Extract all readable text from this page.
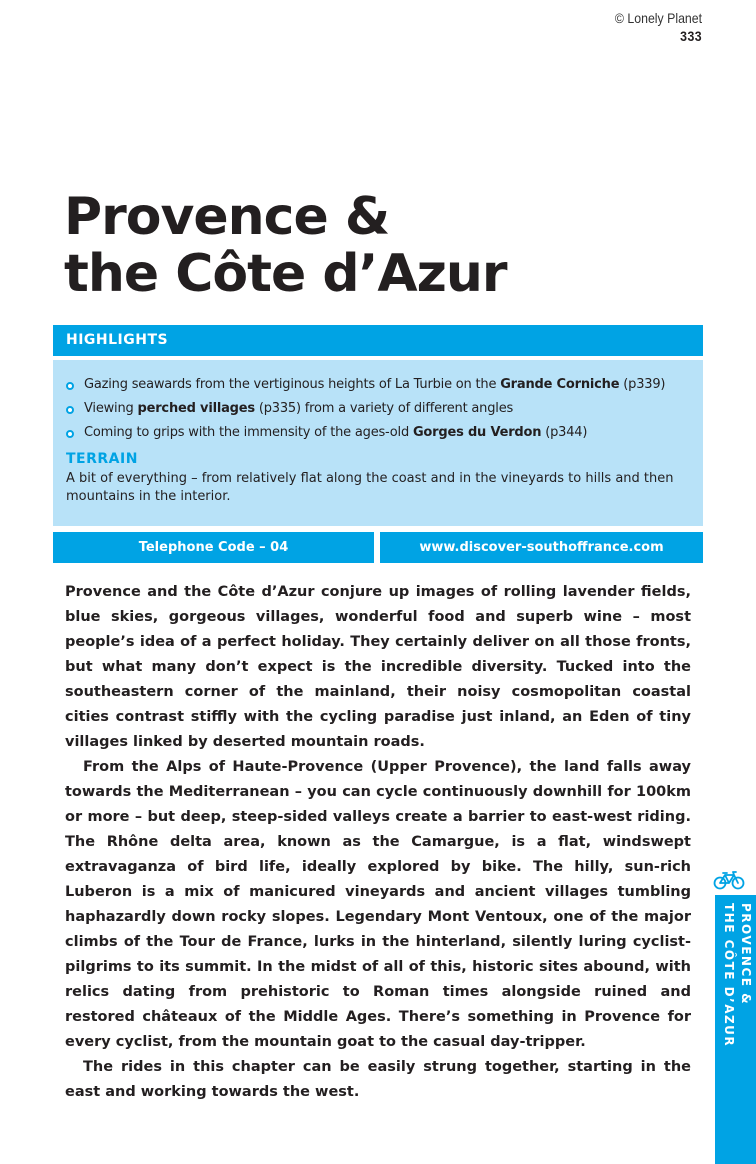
© Lonely Planet
333
Provence &
the Côte d’Azur
HIGHLIGHTS
Gazing seawards from the vertiginous heights of La Turbie on the Grande Corniche (p339)
Viewing perched villages (p335) from a variety of different angles
Coming to grips with the immensity of the ages-old Gorges du Verdon (p344)
TERRAIN
A bit of everything – from relatively flat along the coast and in the vineyards to hills and then mountains in the interior.
Telephone Code – 04	www.discover-southoffrance.com

Provence and the Côte d’Azur conjure up images of rolling lavender fields, blue skies, gorgeous villages, wonderful food and superb wine – most people’s idea of a perfect holiday. They certainly deliver on all those fronts, but what many don’t expect is the incredible diversity. Tucked into the southeastern corner of the mainland, their noisy cosmopolitan coastal cities contrast stiffly with the cycling paradise just inland, an Eden of tiny villages linked by deserted mountain roads.

From the Alps of Haute-Provence (Upper Provence), the land falls away towards the Mediterranean – you can cycle continuously downhill for 100km or more – but deep, steep-sided valleys create a barrier to east-west riding. The Rhône delta area, known as the Camargue, is a flat, windswept extravaganza of bird life, ideally explored by bike. The hilly, sun-rich Luberon is a mix of manicured vineyards and ancient villages tumbling haphazardly down rocky slopes. Legendary Mont Ventoux, one of the major climbs of the Tour de France, lurks in the hinterland, silently luring cyclist-pilgrims to its summit. In the midst of all of this, historic sites abound, with relics dating from prehistoric to Roman times alongside ruined and restored châteaux of the Middle Ages. There’s something in Provence for every cyclist, from the mountain goat to the casual day-tripper.

The rides in this chapter can be easily strung together, starting in the east and working towards the west.

PROVENCE &
THE CÔTE D’AZUR
